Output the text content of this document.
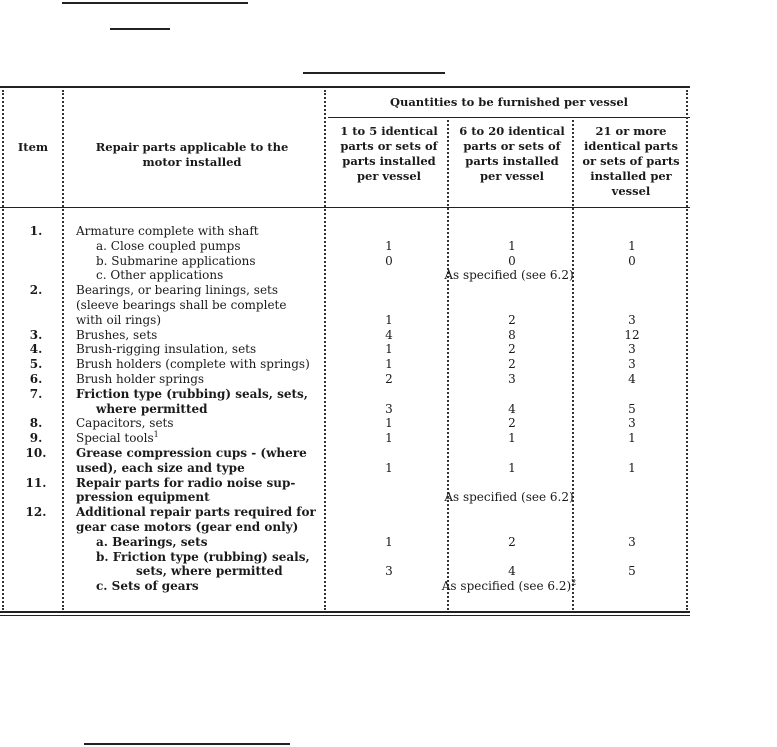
Item	Repair parts applicable to the motor installed
Quantities to be furnished per vessel
1 to 5 identical parts or sets of parts installed per vessel
6 to 20 identical parts or sets of parts installed per vessel
21 or more identical parts or sets of parts installed per vessel
1.	Armature complete with shaft
a. Close coupled pumps	1	1	1
b. Submarine applications	0	0	0
c. Other applications	As specified (see 6.2)
2.	Bearings, or bearing linings, sets
(sleeve bearings shall be complete
with oil rings)	1	2	3
3.	Brushes, sets	4	8	12
4.	Brush-rigging insulation, sets	1	2	3
5.	Brush holders (complete with springs)	1	2	3
6.	Brush holder springs	2	3	4
7.	Friction type (rubbing) seals, sets,
where permitted	3	4	5
8.	Capacitors, sets	1	2	3
9.	Special tools$^1$	1	1	1
10.	Grease compression cups - (where
used), each size and type	1	1	1
11.	Repair parts for radio noise sup-
pression equipment	As specified (see 6.2)
12.	Additional repair parts required for
gear case motors (gear end only)
a. Bearings, sets	1	2	3
b. Friction type (rubbing) seals,
sets, where permitted	3	4	5
c. Sets of gears	As specified (see 6.2)$^2$
